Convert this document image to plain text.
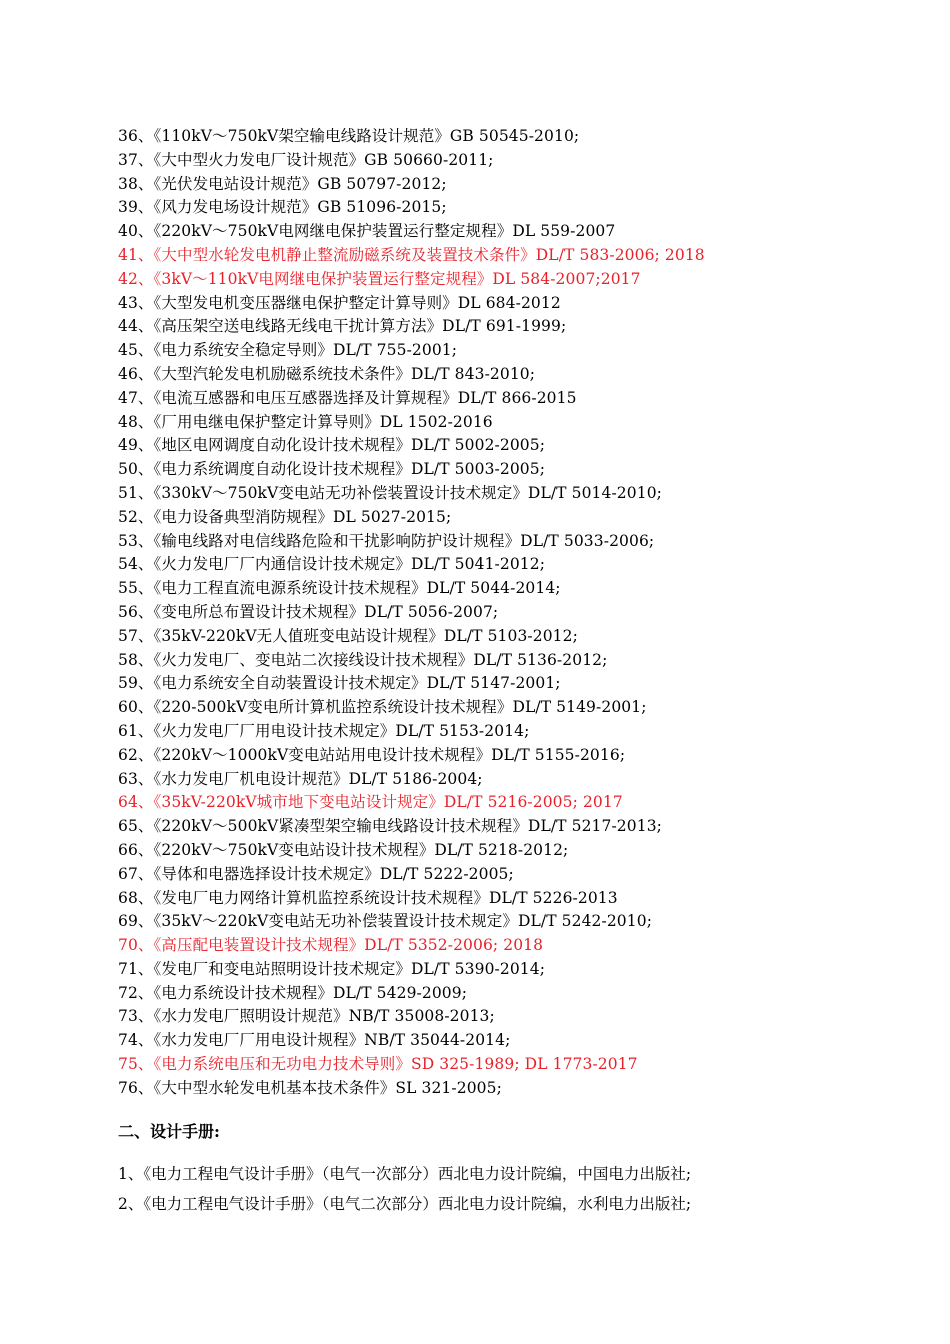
36、《110kV～750kV架空输电线路设计规范》GB 50545-2010;
37、《大中型火力发电厂设计规范》GB 50660-2011;
38、《光伏发电站设计规范》GB 50797-2012;
39、《风力发电场设计规范》GB 51096-2015;
40、《220kV～750kV电网继电保护装置运行整定规程》DL 559-2007
41、《大中型水轮发电机静止整流励磁系统及装置技术条件》DL/T 583-2006; 2018
42、《3kV～110kV电网继电保护装置运行整定规程》DL 584-2007;2017
43、《大型发电机变压器继电保护整定计算导则》DL 684-2012
44、《高压架空送电线路无线电干扰计算方法》DL/T 691-1999;
45、《电力系统安全稳定导则》DL/T 755-2001;
46、《大型汽轮发电机励磁系统技术条件》DL/T 843-2010;
47、《电流互感器和电压互感器选择及计算规程》DL/T 866-2015
48、《厂用电继电保护整定计算导则》DL 1502-2016
49、《地区电网调度自动化设计技术规程》DL/T 5002-2005;
50、《电力系统调度自动化设计技术规程》DL/T 5003-2005;
51、《330kV～750kV变电站无功补偿装置设计技术规定》DL/T 5014-2010;
52、《电力设备典型消防规程》DL 5027-2015;
53、《输电线路对电信线路危险和干扰影响防护设计规程》DL/T 5033-2006;
54、《火力发电厂厂内通信设计技术规定》DL/T 5041-2012;
55、《电力工程直流电源系统设计技术规程》DL/T 5044-2014;
56、《变电所总布置设计技术规程》DL/T 5056-2007;
57、《35kV-220kV无人值班变电站设计规程》DL/T 5103-2012;
58、《火力发电厂、变电站二次接线设计技术规程》DL/T 5136-2012;
59、《电力系统安全自动装置设计技术规定》DL/T 5147-2001;
60、《220-500kV变电所计算机监控系统设计技术规程》DL/T 5149-2001;
61、《火力发电厂厂用电设计技术规定》DL/T 5153-2014;
62、《220kV～1000kV变电站站用电设计技术规程》DL/T 5155-2016;
63、《水力发电厂机电设计规范》DL/T 5186-2004;
64、《35kV-220kV城市地下变电站设计规定》DL/T 5216-2005; 2017
65、《220kV～500kV紧凑型架空输电线路设计技术规程》DL/T 5217-2013;
66、《220kV～750kV变电站设计技术规程》DL/T 5218-2012;
67、《导体和电器选择设计技术规定》DL/T 5222-2005;
68、《发电厂电力网络计算机监控系统设计技术规程》DL/T 5226-2013
69、《35kV～220kV变电站无功补偿装置设计技术规定》DL/T 5242-2010;
70、《高压配电装置设计技术规程》DL/T 5352-2006; 2018
71、《发电厂和变电站照明设计技术规定》DL/T 5390-2014;
72、《电力系统设计技术规程》DL/T 5429-2009;
73、《水力发电厂照明设计规范》NB/T 35008-2013;
74、《水力发电厂厂用电设计规程》NB/T 35044-2014;
75、《电力系统电压和无功电力技术导则》SD 325-1989; DL 1773-2017
76、《大中型水轮发电机基本技术条件》SL 321-2005;
二、设计手册:
1、《电力工程电气设计手册》（电气一次部分）西北电力设计院编，中国电力出版社;
2、《电力工程电气设计手册》（电气二次部分）西北电力设计院编，水利电力出版社;
